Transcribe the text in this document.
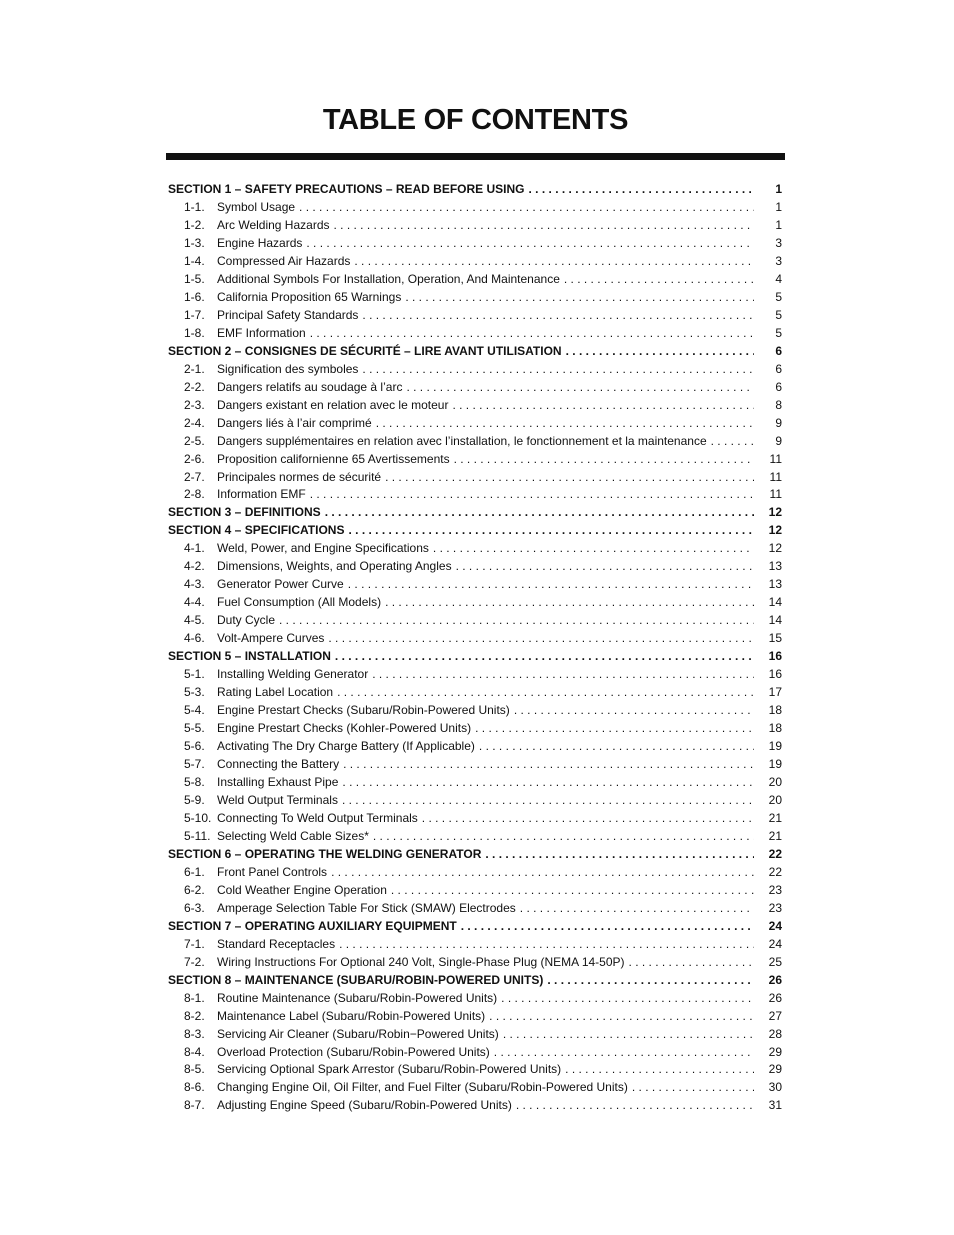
TABLE OF CONTENTS
SECTION 1 – SAFETY PRECAUTIONS – READ BEFORE USING . . .	1
1-1.	Symbol Usage . . .	1
1-2.	Arc Welding Hazards . . .	1
1-3.	Engine Hazards . . .	3
1-4.	Compressed Air Hazards . . .	3
1-5.	Additional Symbols For Installation, Operation, And Maintenance . . .	4
1-6.	California Proposition 65 Warnings . . .	5
1-7.	Principal Safety Standards . . .	5
1-8.	EMF Information . . .	5
SECTION 2 – CONSIGNES DE SÉCURITÉ – LIRE AVANT UTILISATION . . .	6
2-1.	Signification des symboles . . .	6
2-2.	Dangers relatifs au soudage à l’arc . . .	6
2-3.	Dangers existant en relation avec le moteur . . .	8
2-4.	Dangers liés à l’air comprimé . . .	9
2-5.	Dangers supplémentaires en relation avec l’installation, le fonctionnement et la maintenance . . .	9
2-6.	Proposition californienne 65 Avertissements . . .	11
2-7.	Principales normes de sécurité . . .	11
2-8.	Information EMF . . .	11
SECTION 3 – DEFINITIONS . . .	12
SECTION 4 – SPECIFICATIONS . . .	12
4-1.	Weld, Power, and Engine Specifications . . .	12
4-2.	Dimensions, Weights, and Operating Angles . . .	13
4-3.	Generator Power Curve . . .	13
4-4.	Fuel Consumption (All Models) . . .	14
4-5.	Duty Cycle . . .	14
4-6.	Volt-Ampere Curves . . .	15
SECTION 5 – INSTALLATION . . .	16
5-1.	Installing Welding Generator . . .	16
5-3.	Rating Label Location . . .	17
5-4.	Engine Prestart Checks (Subaru/Robin-Powered Units) . . .	18
5-5.	Engine Prestart Checks (Kohler-Powered Units) . . .	18
5-6.	Activating The Dry Charge Battery (If Applicable) . . .	19
5-7.	Connecting the Battery . . .	19
5-8.	Installing Exhaust Pipe . . .	20
5-9.	Weld Output Terminals . . .	20
5-10. Connecting To Weld Output Terminals . . .	21
5-11. Selecting Weld Cable Sizes* . . .	21
SECTION 6 – OPERATING THE WELDING GENERATOR . . .	22
6-1.	Front Panel Controls . . .	22
6-2.	Cold Weather Engine Operation . . .	23
6-3.	Amperage Selection Table For Stick (SMAW) Electrodes . . .	23
SECTION 7 – OPERATING AUXILIARY EQUIPMENT . . .	24
7-1.	Standard Receptacles . . .	24
7-2.	Wiring Instructions For Optional 240 Volt, Single-Phase Plug (NEMA 14-50P) . . .	25
SECTION 8 – MAINTENANCE (SUBARU/ROBIN-POWERED UNITS) . . .	26
8-1.	Routine Maintenance (Subaru/Robin-Powered Units) . . .	26
8-2.	Maintenance Label (Subaru/Robin-Powered Units) . . .	27
8-3.	Servicing Air Cleaner (Subaru/Robin−Powered Units) . . .	28
8-4.	Overload Protection (Subaru/Robin-Powered Units) . . .	29
8-5.	Servicing Optional Spark Arrestor (Subaru/Robin-Powered Units) . . .	29
8-6.	Changing Engine Oil, Oil Filter, and Fuel Filter (Subaru/Robin-Powered Units) . . .	30
8-7.	Adjusting Engine Speed (Subaru/Robin-Powered Units) . . .	31
